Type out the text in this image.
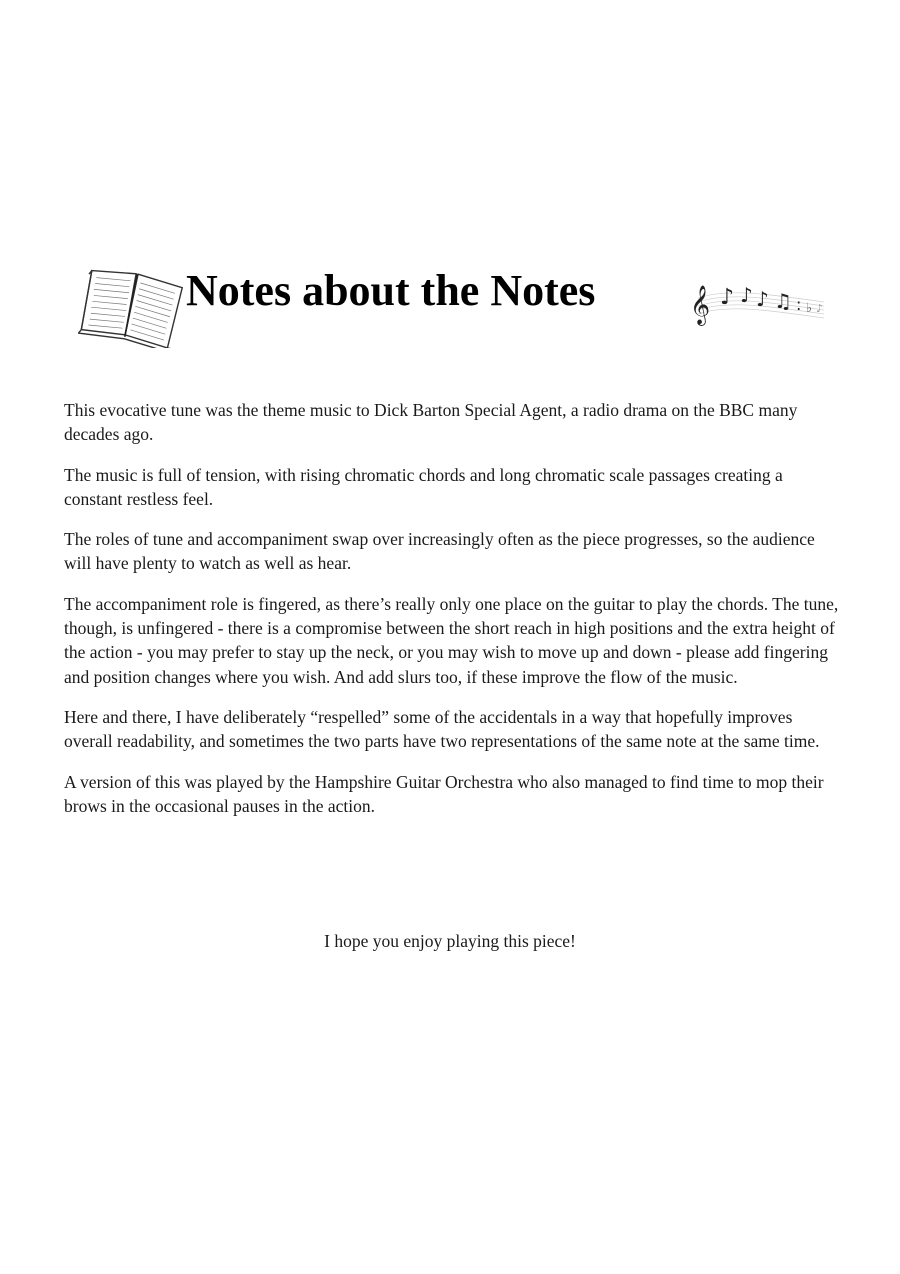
Notes about the Notes	𝄞 ♪ ♪ ♪ ♫ : ♭ ♪

This evocative tune was the theme music to Dick Barton Special Agent, a radio drama on the BBC many decades ago.

The music is full of tension, with rising chromatic chords and long chromatic scale passages creating a constant restless feel.

The roles of tune and accompaniment swap over increasingly often as the piece progresses, so the audience will have plenty to watch as well as hear.

The accompaniment role is fingered, as there’s really only one place on the guitar to play the chords. The tune, though, is unfingered - there is a compromise between the short reach in high positions and the extra height of the action - you may prefer to stay up the neck, or you may wish to move up and down - please add fingering and position changes where you wish. And add slurs too, if these improve the flow of the music.

Here and there, I have deliberately “respelled” some of the accidentals in a way that hopefully improves overall readability, and sometimes the two parts have two representations of the same note at the same time.

A version of this was played by the Hampshire Guitar Orchestra who also managed to find time to mop their brows in the occasional pauses in the action.

I hope you enjoy playing this piece!
